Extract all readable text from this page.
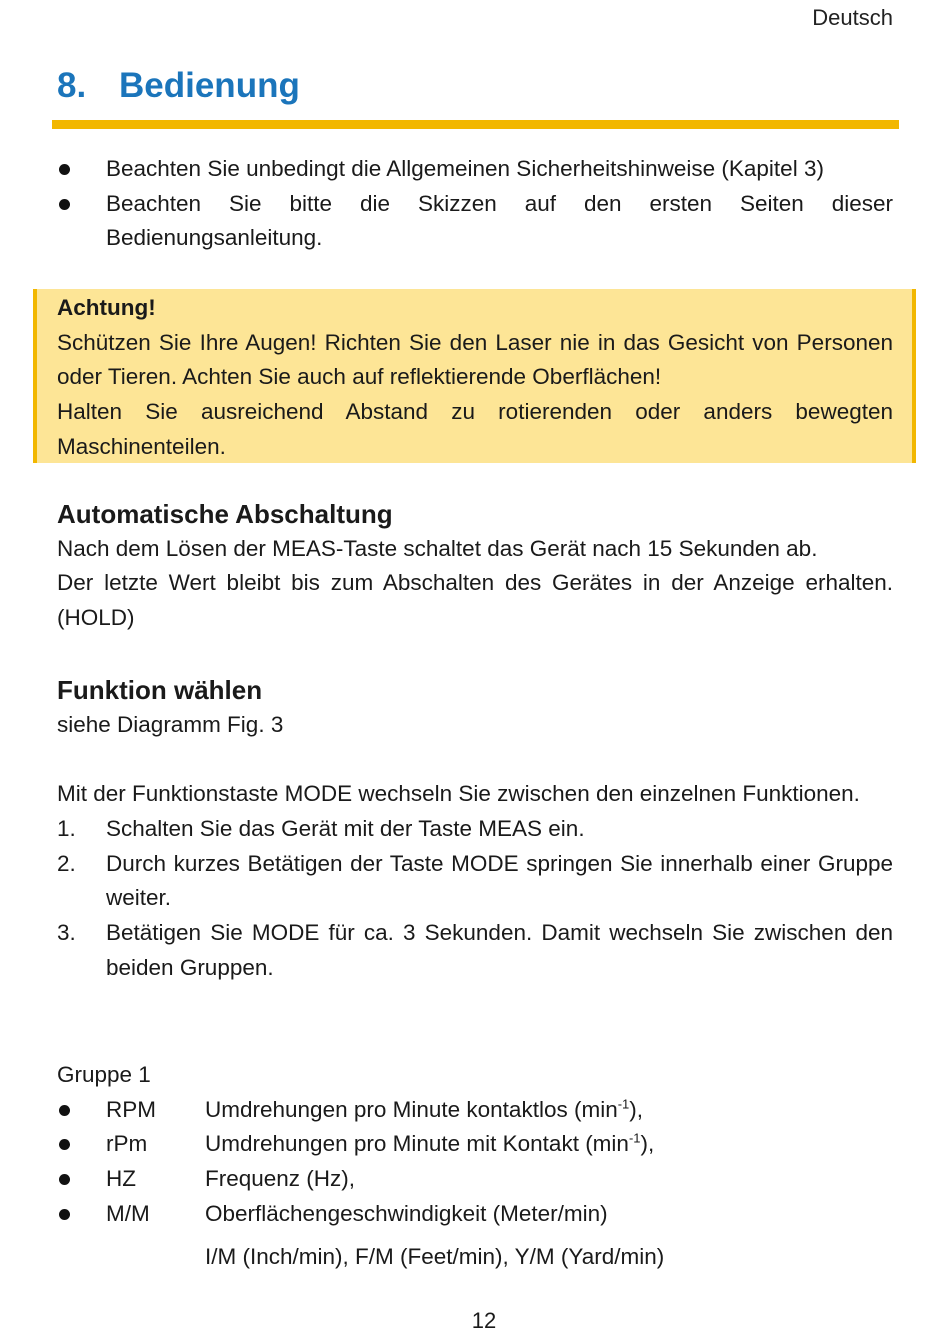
Deutsch
8. Bedienung
Beachten Sie unbedingt die Allgemeinen Sicherheitshinweise (Kapitel 3)
Beachten Sie bitte die Skizzen auf den ersten Seiten dieser Bedienungsanleitung.
Achtung!
Schützen Sie Ihre Augen! Richten Sie den Laser nie in das Gesicht von Personen oder Tieren. Achten Sie auch auf reflektierende Oberflächen!
Halten Sie ausreichend Abstand zu rotierenden oder anders bewegten Maschinenteilen.
Automatische Abschaltung
Nach dem Lösen der MEAS-Taste schaltet das Gerät nach 15 Sekunden ab.
Der letzte Wert bleibt bis zum Abschalten des Gerätes in der Anzeige erhalten. (HOLD)
Funktion wählen
siehe Diagramm Fig. 3
Mit der Funktionstaste MODE wechseln Sie zwischen den einzelnen Funktionen.
1.	Schalten Sie das Gerät mit der Taste MEAS ein.
2.	Durch kurzes Betätigen der Taste MODE springen Sie innerhalb einer Gruppe weiter.
3.	Betätigen Sie MODE für ca. 3 Sekunden. Damit wechseln Sie zwischen den beiden Gruppen.
Gruppe 1
RPM	Umdrehungen pro Minute kontaktlos $(\min^{-1})$,
rPm	Umdrehungen pro Minute mit Kontakt $(\min^{-1})$,
HZ	Frequenz (Hz),
M/M	Oberflächengeschwindigkeit (Meter/min)
I/M (Inch/min), F/M (Feet/min), Y/M (Yard/min)
12
